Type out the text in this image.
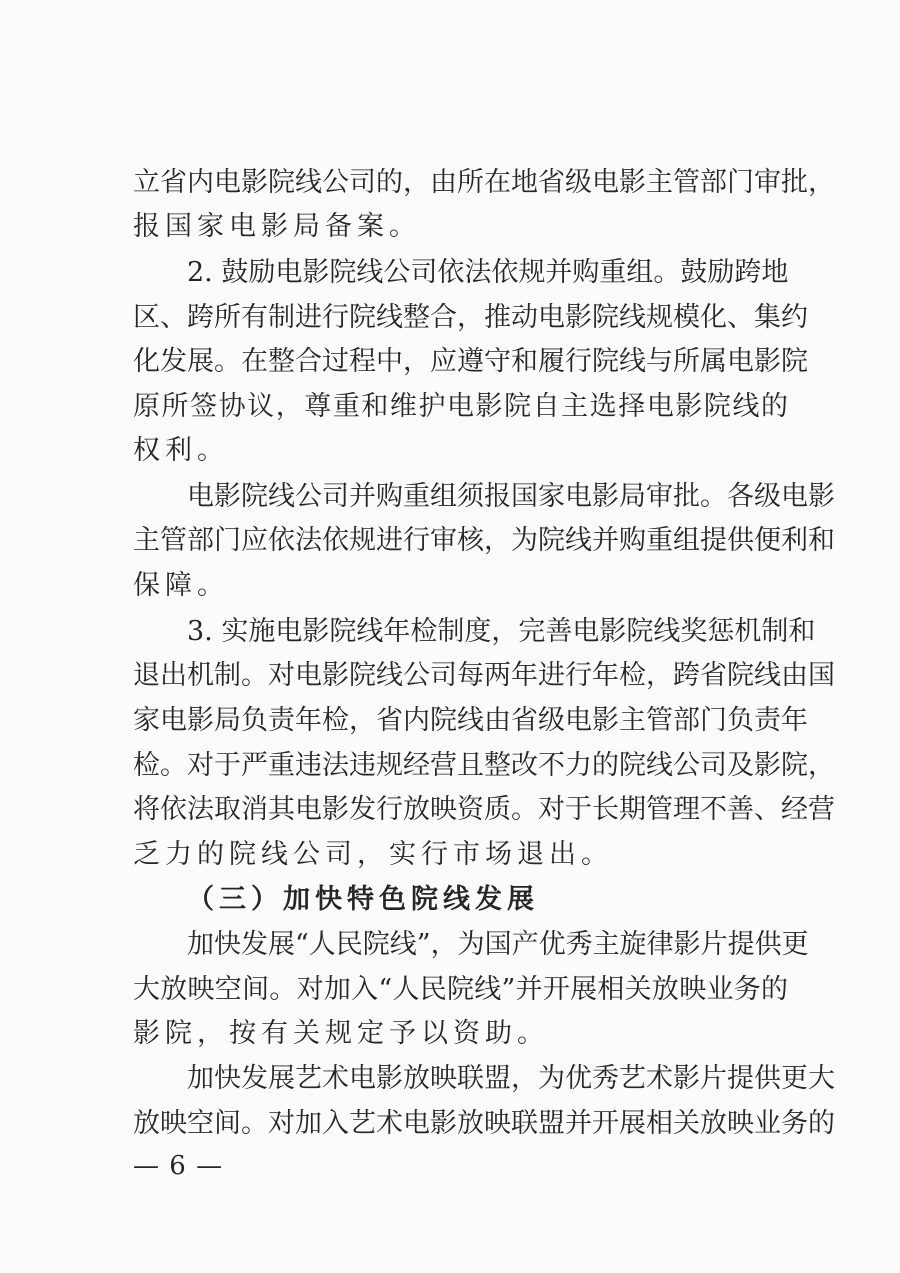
立省内电影院线公司的，由所在地省级电影主管部门审批，
报国家电影局备案。
2. 鼓励电影院线公司依法依规并购重组。鼓励跨地
区、跨所有制进行院线整合，推动电影院线规模化、集约
化发展。在整合过程中，应遵守和履行院线与所属电影院
原所签协议，尊重和维护电影院自主选择电影院线的
权利。
电影院线公司并购重组须报国家电影局审批。各级电影
主管部门应依法依规进行审核，为院线并购重组提供便利和
保障。
3. 实施电影院线年检制度，完善电影院线奖惩机制和
退出机制。对电影院线公司每两年进行年检，跨省院线由国
家电影局负责年检，省内院线由省级电影主管部门负责年
检。对于严重违法违规经营且整改不力的院线公司及影院，
将依法取消其电影发行放映资质。对于长期管理不善、经营
乏力的院线公司，实行市场退出。
（三）加快特色院线发展
加快发展“人民院线”，为国产优秀主旋律影片提供更
大放映空间。对加入“人民院线”并开展相关放映业务的
影院，按有关规定予以资助。
加快发展艺术电影放映联盟，为优秀艺术影片提供更大
放映空间。对加入艺术电影放映联盟并开展相关放映业务的
— 6 —
